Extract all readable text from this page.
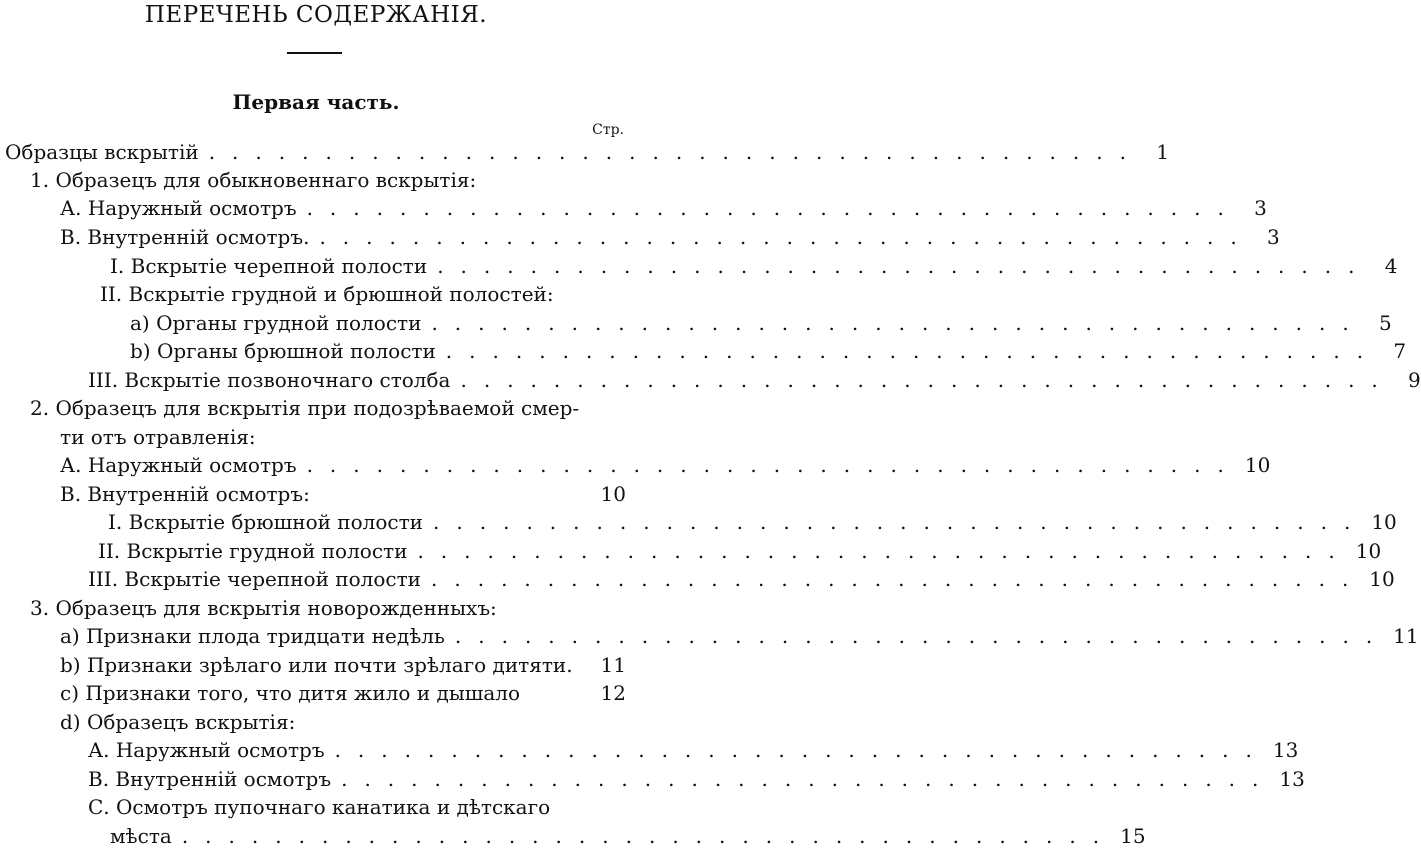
ПЕРЕЧЕНЬ СОДЕРЖАНІЯ.
Первая часть.
Стр.
Образцы вскрытій ........................................ 1
1. Образецъ для обыкновеннаго вскрытія:
А. Наружный осмотръ ........................................ 3
В. Внутренній осмотръ. ........................................ 3
І. Вскрытіе черепной полости ........................................ 4
ІІ. Вскрытіе грудной и брюшной полостей:
a) Органы грудной полости ........................................ 5
b) Органы брюшной полости ........................................ 7
ІІІ. Вскрытіе позвоночнаго столба ........................................ 9
2. Образецъ для вскрытія при подозрѣваемой смер-
ти отъ отравленія:
А. Наружный осмотръ ........................................ 10
В. Внутренній осмотръ:	10
І. Вскрытіе брюшной полости ........................................ 10
ІІ. Вскрытіе грудной полости ........................................ 10
ІІІ. Вскрытіе черепной полости ........................................ 10
3. Образецъ для вскрытія новорожденныхъ:
a) Признаки плода тридцати недѣль ........................................ 11
b) Признаки зрѣлаго или почти зрѣлаго дитяти. 11
c) Признаки того, что дитя жило и дышало	12
d) Образецъ вскрытія:
А. Наружный осмотръ ........................................ 13
В. Внутренній осмотръ ........................................ 13
С. Осмотръ пупочнаго канатика и дѣтскаго
мѣста ........................................ 15
